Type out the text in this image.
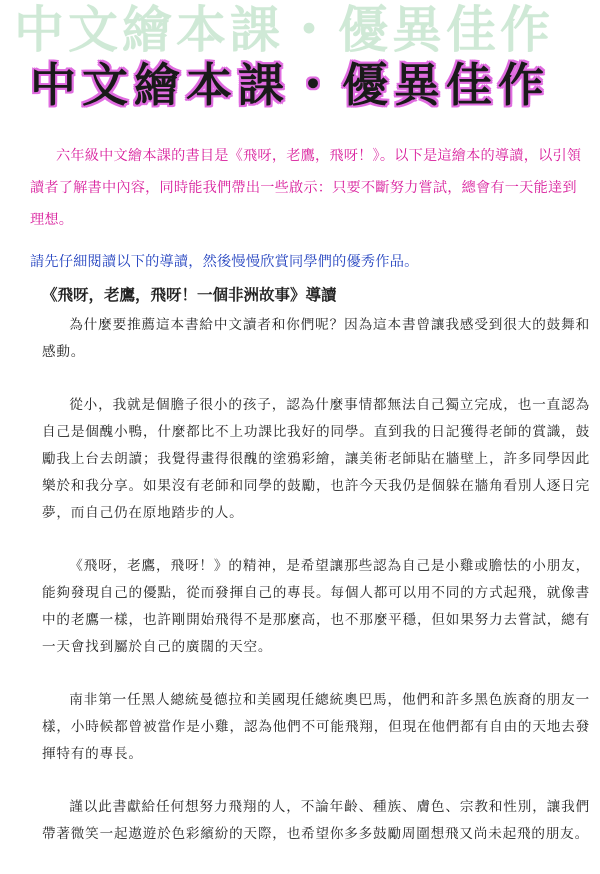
中文繪本課・優異佳作
中文繪本課・優異佳作
六年級中文繪本課的書目是《飛呀，老鷹，飛呀！》。以下是這繪本的導讀，以引領讀者了解書中內容，同時能我們帶出一些啟示：只要不斷努力嘗試，總會有一天能達到理想。
請先仔細閱讀以下的導讀，然後慢慢欣賞同學們的優秀作品。
《飛呀，老鷹，飛呀！一個非洲故事》導讀

為什麼要推薦這本書給中文讀者和你們呢？因為這本書曾讓我感受到很大的鼓舞和感動。

從小，我就是個膽子很小的孩子，認為什麼事情都無法自己獨立完成，也一直認為自己是個醜小鴨，什麼都比不上功課比我好的同學。直到我的日記獲得老師的賞識，鼓勵我上台去朗讀；我覺得畫得很醜的塗鴉彩繪，讓美術老師貼在牆壁上，許多同學因此樂於和我分享。如果沒有老師和同學的鼓勵，也許今天我仍是個躲在牆角看別人逐日完夢，而自己仍在原地踏步的人。

《飛呀，老鷹，飛呀！》的精神，是希望讓那些認為自己是小雞或膽怯的小朋友，能夠發現自己的優點，從而發揮自己的專長。每個人都可以用不同的方式起飛，就像書中的老鷹一樣，也許剛開始飛得不是那麼高，也不那麼平穩，但如果努力去嘗試，總有一天會找到屬於自己的廣闊的天空。

南非第一任黑人總統曼德拉和美國現任總統奧巴馬，他們和許多黑色族裔的朋友一樣，小時候都曾被當作是小雞，認為他們不可能飛翔，但現在他們都有自由的天地去發揮特有的專長。

謹以此書獻給任何想努力飛翔的人，不論年齡、種族、膚色、宗教和性別，讓我們帶著微笑一起遨遊於色彩繽紛的天際，也希望你多多鼓勵周圍想飛又尚未起飛的朋友。
